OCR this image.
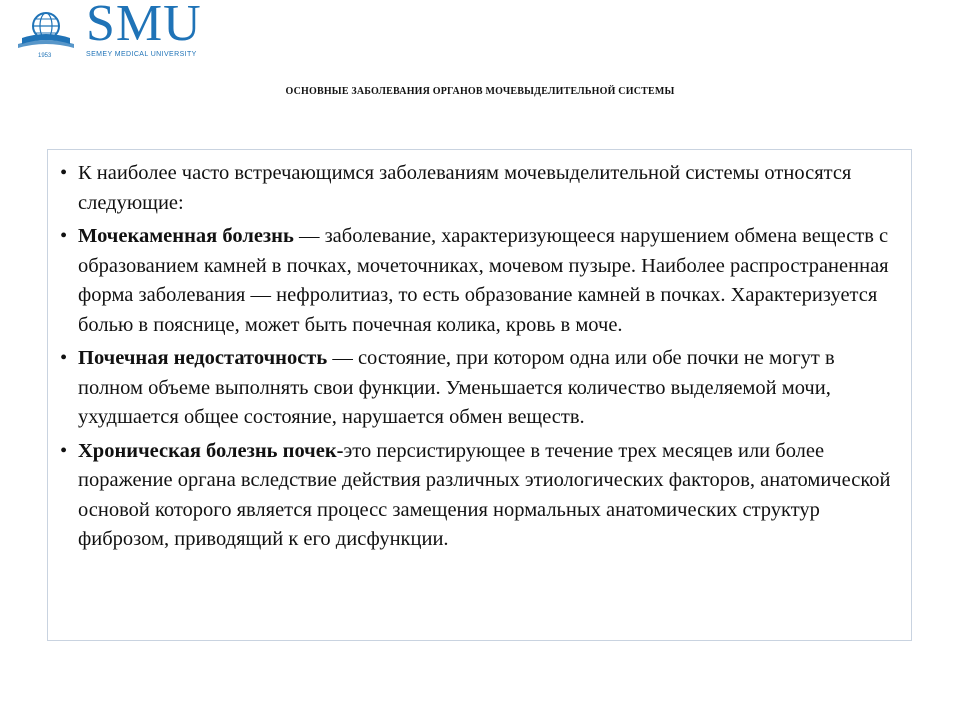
SMU
1953	SEMEY MEDICAL UNIVERSITY
ОСНОВНЫЕ ЗАБОЛЕВАНИЯ ОРГАНОВ МОЧЕВЫДЕЛИТЕЛЬНОЙ СИСТЕМЫ
• К наиболее часто встречающимся заболеваниям мочевыделительной системы относятся следующие:
• Мочекаменная болезнь — заболевание, характеризующееся нарушением обмена веществ с образованием камней в почках, мочеточниках, мочевом пузыре. Наиболее распространенная форма заболевания — нефролитиаз, то есть образование камней в почках. Характеризуется болью в пояснице, может быть почечная колика, кровь в моче.
• Почечная недостаточность — состояние, при котором одна или обе почки не могут в полном объеме выполнять свои функции. Уменьшается количество выделяемой мочи, ухудшается общее состояние, нарушается обмен веществ.
• Хроническая болезнь почек-это персистирующее в течение трех месяцев или более поражение органа вследствие действия различных этиологических факторов, анатомической основой которого является процесс замещения нормальных анатомических структур фиброзом, приводящий к его дисфункции.
